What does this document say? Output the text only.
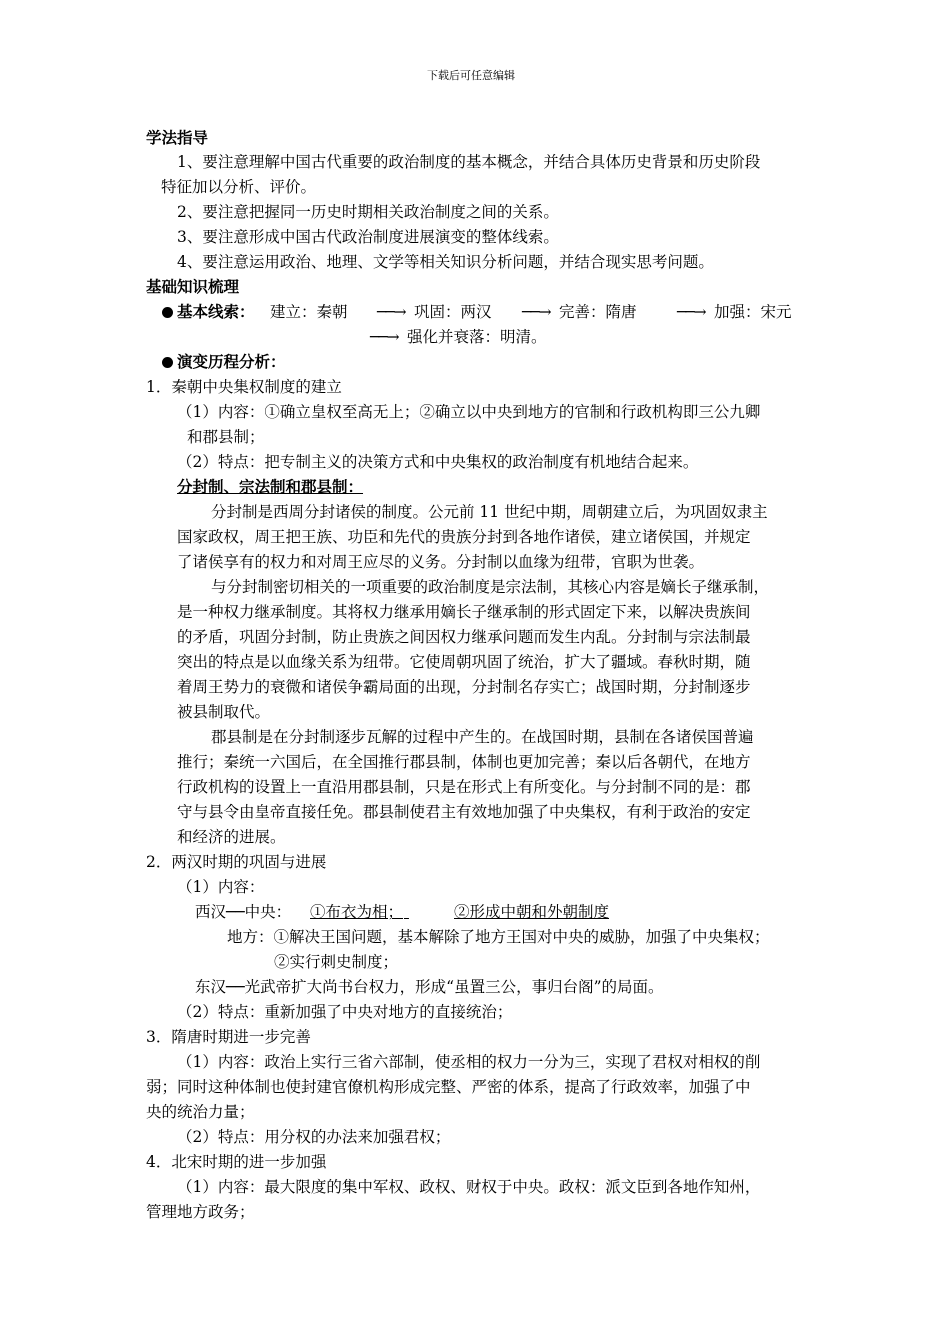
下载后可任意编辑
学法指导
1、要注意理解中国古代重要的政治制度的基本概念，并结合具体历史背景和历史阶段
特征加以分析、评价。
2、要注意把握同一历史时期相关政治制度之间的关系。
3、要注意形成中国古代政治制度进展演变的整体线索。
4、要注意运用政治、地理、文学等相关知识分析问题，并结合现实思考问题。
基础知识梳理
基本线索： 建立：秦朝 ──→ 巩固：两汉 ──→ 完善：隋唐	──→ 加强：宋元
──→ 强化并衰落：明清。
演变历程分析：
1．秦朝中央集权制度的建立
（1）内容：①确立皇权至高无上；②确立以中央到地方的官制和行政机构即三公九卿
和郡县制；
（2）特点：把专制主义的决策方式和中央集权的政治制度有机地结合起来。
分封制、宗法制和郡县制：
分封制是西周分封诸侯的制度。公元前 11 世纪中期，周朝建立后，为巩固奴隶主
国家政权，周王把王族、功臣和先代的贵族分封到各地作诸侯，建立诸侯国，并规定
了诸侯享有的权力和对周王应尽的义务。分封制以血缘为纽带，官职为世袭。
与分封制密切相关的一项重要的政治制度是宗法制，其核心内容是嫡长子继承制，
是一种权力继承制度。其将权力继承用嫡长子继承制的形式固定下来，以解决贵族间
的矛盾，巩固分封制，防止贵族之间因权力继承问题而发生内乱。分封制与宗法制最
突出的特点是以血缘关系为纽带。它使周朝巩固了统治，扩大了疆域。春秋时期，随
着周王势力的衰微和诸侯争霸局面的出现，分封制名存实亡；战国时期，分封制逐步
被县制取代。
郡县制是在分封制逐步瓦解的过程中产生的。在战国时期，县制在各诸侯国普遍
推行；秦统一六国后，在全国推行郡县制，体制也更加完善；秦以后各朝代，在地方
行政机构的设置上一直沿用郡县制，只是在形式上有所变化。与分封制不同的是：郡
守与县令由皇帝直接任免。郡县制使君主有效地加强了中央集权，有利于政治的安定
和经济的进展。
2．两汉时期的巩固与进展
（1）内容：
西汉──中央： ①布衣为相；
	②形成中朝和外朝制度
地方：①解决王国问题，基本解除了地方王国对中央的威胁，加强了中央集权；
②实行刺史制度；
东汉──光武帝扩大尚书台权力，形成“虽置三公，事归台阁”的局面。
（2）特点：重新加强了中央对地方的直接统治；
3．隋唐时期进一步完善
（1）内容：政治上实行三省六部制，使丞相的权力一分为三，实现了君权对相权的削
弱；同时这种体制也使封建官僚机构形成完整、严密的体系，提高了行政效率，加强了中
央的统治力量；
（2）特点：用分权的办法来加强君权；
4．北宋时期的进一步加强
（1）内容：最大限度的集中军权、政权、财权于中央。政权：派文臣到各地作知州，
管理地方政务；
